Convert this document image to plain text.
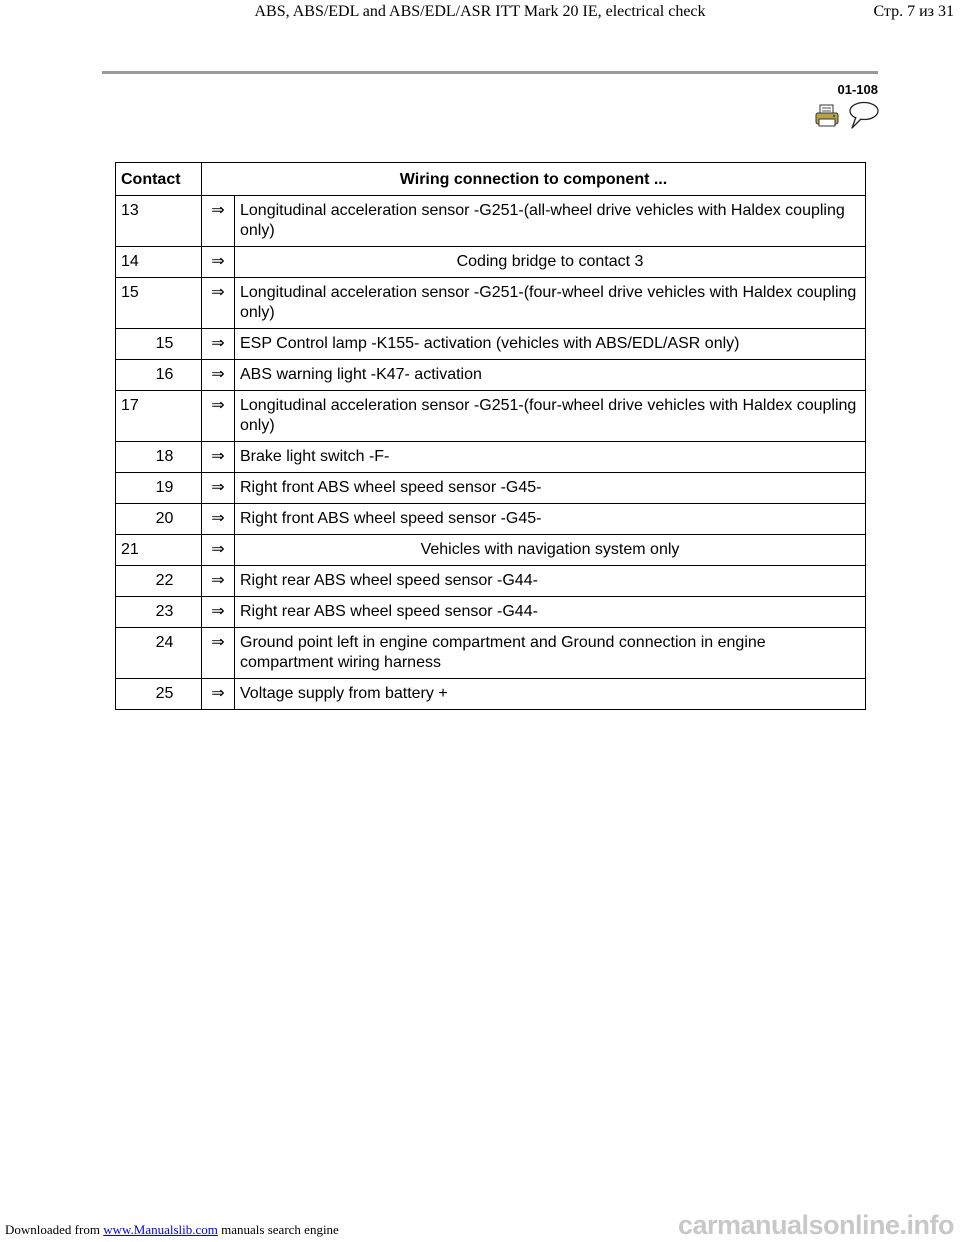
ABS, ABS/EDL and ABS/EDL/ASR ITT Mark 20 IE, electrical check	Стр. 7 из 31
01-108
Contact	Wiring connection to component ...	
13	⇒	Longitudinal acceleration sensor -G251-(all-wheel drive vehicles with Haldex coupling only)
14	⇒	Coding bridge to contact 3
15	⇒	Longitudinal acceleration sensor -G251-(four-wheel drive vehicles with Haldex coupling only)
15	⇒	ESP Control lamp -K155- activation (vehicles with ABS/EDL/ASR only)
16	⇒	ABS warning light -K47- activation
17	⇒	Longitudinal acceleration sensor -G251-(four-wheel drive vehicles with Haldex coupling only)
18	⇒	Brake light switch -F-
19	⇒	Right front ABS wheel speed sensor -G45-
20	⇒	Right front ABS wheel speed sensor -G45-
21	⇒	Vehicles with navigation system only
22	⇒	Right rear ABS wheel speed sensor -G44-
23	⇒	Right rear ABS wheel speed sensor -G44-
24	⇒	Ground point left in engine compartment and Ground connection in engine compartment wiring harness
25	⇒	Voltage supply from battery +
Downloaded from www.Manualslib.com manuals search engine	carmanualsonline.info
